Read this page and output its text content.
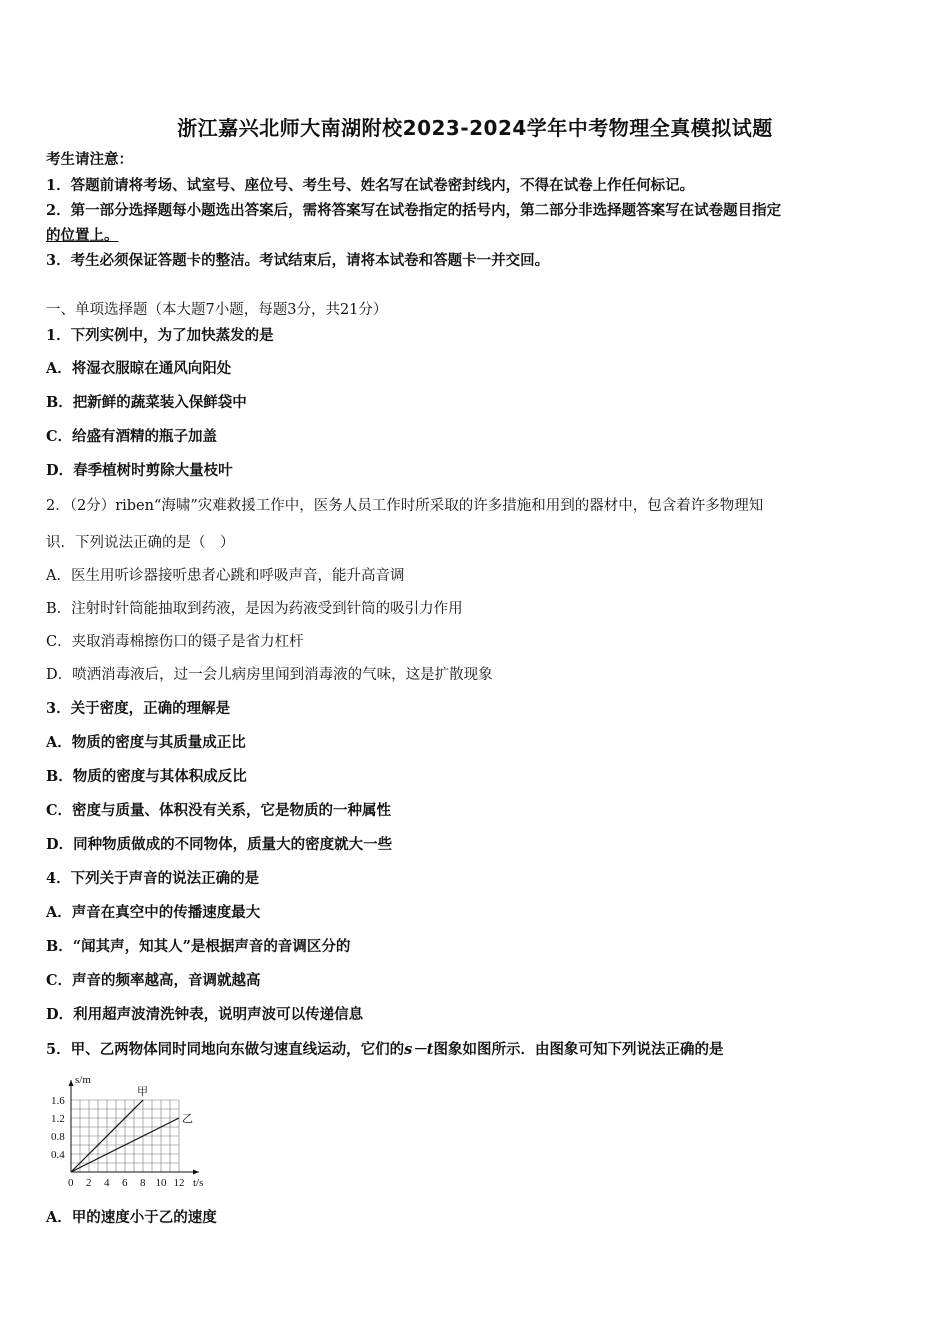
浙江嘉兴北师大南湖附校2023-2024学年中考物理全真模拟试题
考生请注意：
1．答题前请将考场、试室号、座位号、考生号、姓名写在试卷密封线内，不得在试卷上作任何标记。
2．第一部分选择题每小题选出答案后，需将答案写在试卷指定的括号内，第二部分非选择题答案写在试卷题目指定
的位置上。
3．考生必须保证答题卡的整洁。考试结束后，请将本试卷和答题卡一并交回。
一、单项选择题（本大题7小题，每题3分，共21分）
1．下列实例中，为了加快蒸发的是
A．将湿衣服晾在通风向阳处
B．把新鲜的蔬菜装入保鲜袋中
C．给盛有酒精的瓶子加盖
D．春季植树时剪除大量枝叶
2．（2分）riben“海啸”灾难救援工作中，医务人员工作时所采取的许多措施和用到的器材中，包含着许多物理知
识．下列说法正确的是（　）
A．医生用听诊器接听患者心跳和呼吸声音，能升高音调
B．注射时针筒能抽取到药液，是因为药液受到针筒的吸引力作用
C．夹取消毒棉擦伤口的镊子是省力杠杆
D．喷洒消毒液后，过一会儿病房里闻到消毒液的气味，这是扩散现象
3．关于密度，正确的理解是
A．物质的密度与其质量成正比
B．物质的密度与其体积成反比
C．密度与质量、体积没有关系，它是物质的一种属性
D．同种物质做成的不同物体，质量大的密度就大一些
4．下列关于声音的说法正确的是
A．声音在真空中的传播速度最大
B．“闻其声，知其人”是根据声音的音调区分的
C．声音的频率越高，音调就越高
D．利用超声波清洗钟表，说明声波可以传递信息
5．甲、乙两物体同时同地向东做匀速直线运动，它们的s－t图象如图所示．由图象可知下列说法正确的是
甲
乙
0 2 4 6 8 10 12
0.4
0.8
1.2
1.6
t/s
s/m
A．甲的速度小于乙的速度
